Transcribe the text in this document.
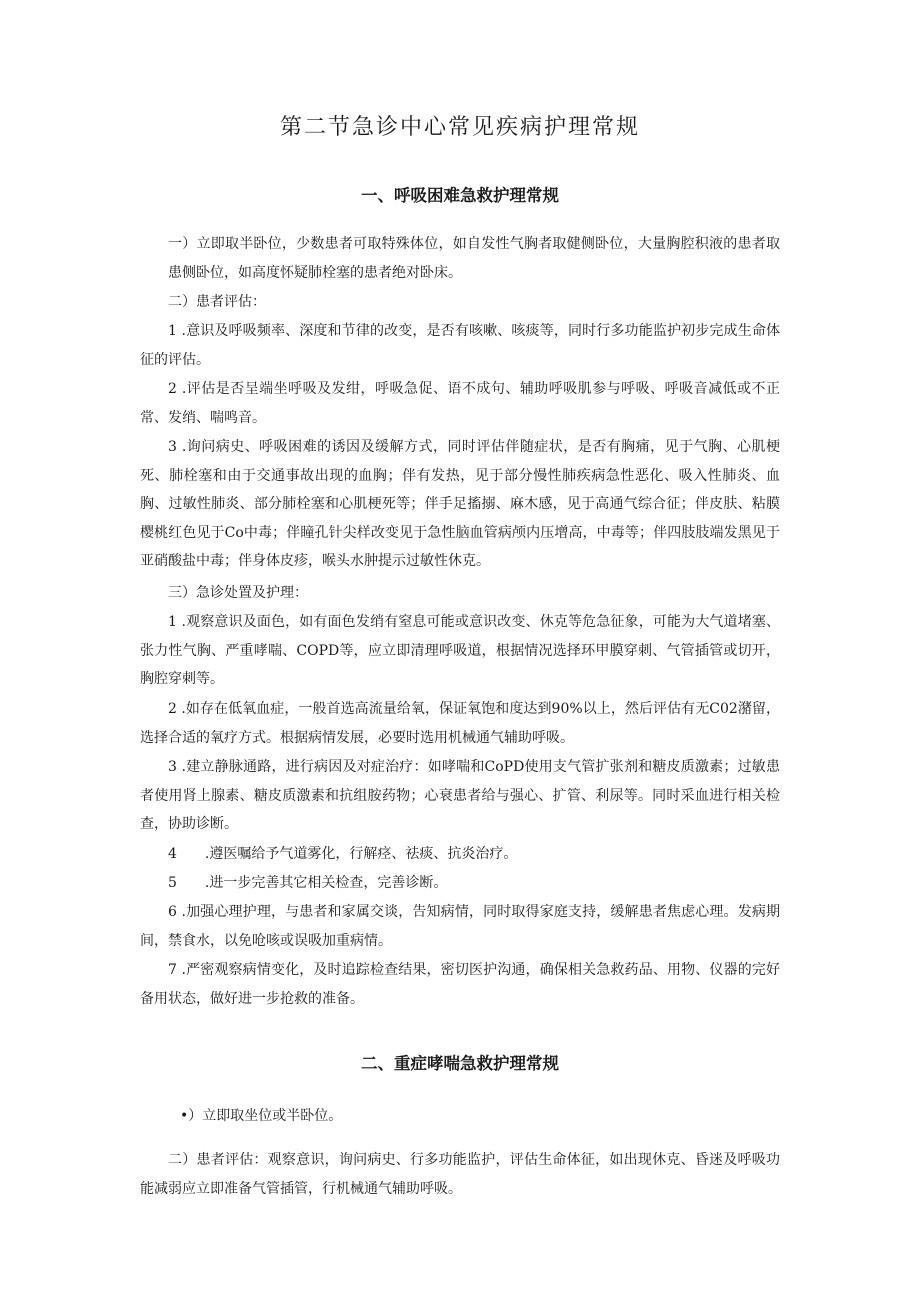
第二节急诊中心常见疾病护理常规
一、呼吸困难急救护理常规

一）立即取半卧位，少数患者可取特殊体位，如自发性气胸者取健侧卧位，大量胸腔积液的患者取患侧卧位，如高度怀疑肺栓塞的患者绝对卧床。

二）患者评估：

1 .意识及呼吸频率、深度和节律的改变，是否有咳嗽、咳痰等，同时行多功能监护初步完成生命体征的评估。

2 .评估是否呈端坐呼吸及发绀，呼吸急促、语不成句、辅助呼吸肌参与呼吸、呼吸音减低或不正常、发绡、喘鸣音。

3 .询问病史、呼吸困难的诱因及缓解方式，同时评估伴随症状，是否有胸痛，见于气胸、心肌梗死、肺栓塞和由于交通事故出现的血胸；伴有发热，见于部分慢性肺疾病急性恶化、吸入性肺炎、血胸、过敏性肺炎、部分肺栓塞和心肌梗死等；伴手足搐搦、麻木感，见于高通气综合征；伴皮肤、粘膜樱桃红色见于Co中毒；伴瞳孔针尖样改变见于急性脑血管病颅内压增高，中毒等；伴四肢肢端发黑见于亚硝酸盐中毒；伴身体皮疹，喉头水肿提示过敏性休克。

三）急诊处置及护理：

1 .观察意识及面色，如有面色发绡有窒息可能或意识改变、休克等危急征象，可能为大气道堵塞、张力性气胸、严重哮喘、COPD等，应立即清理呼吸道，根据情况选择环甲膜穿刺、气管插管或切开，胸腔穿刺等。

2 .如存在低氧血症，一般首选高流量给氧，保证氧饱和度达到90%以上，然后评估有无C02潴留，选择合适的氧疗方式。根据病情发展，必要时选用机械通气辅助呼吸。

3 .建立静脉通路，进行病因及对症治疗：如哮喘和CoPD使用支气管扩张剂和糖皮质激素；过敏患者使用肾上腺素、糖皮质激素和抗组胺药物；心衰患者给与强心、扩管、利尿等。同时采血进行相关检查，协助诊断。

4　　.遵医嘱给予气道雾化，行解痉、祛痰、抗炎治疗。

5　　.进一步完善其它相关检查，完善诊断。

6 .加强心理护理，与患者和家属交谈，告知病情，同时取得家庭支持，缓解患者焦虑心理。发病期间，禁食水，以免呛咳或误吸加重病情。

7 .严密观察病情变化，及时追踪检查结果，密切医护沟通，确保相关急救药品、用物、仪器的完好备用状态，做好进一步抢救的准备。

二、重症哮喘急救护理常规

•）立即取坐位或半卧位。

二）患者评估：观察意识，询问病史、行多功能监护，评估生命体征，如出现休克、昏迷及呼吸功能减弱应立即准备气管插管，行机械通气辅助呼吸。
